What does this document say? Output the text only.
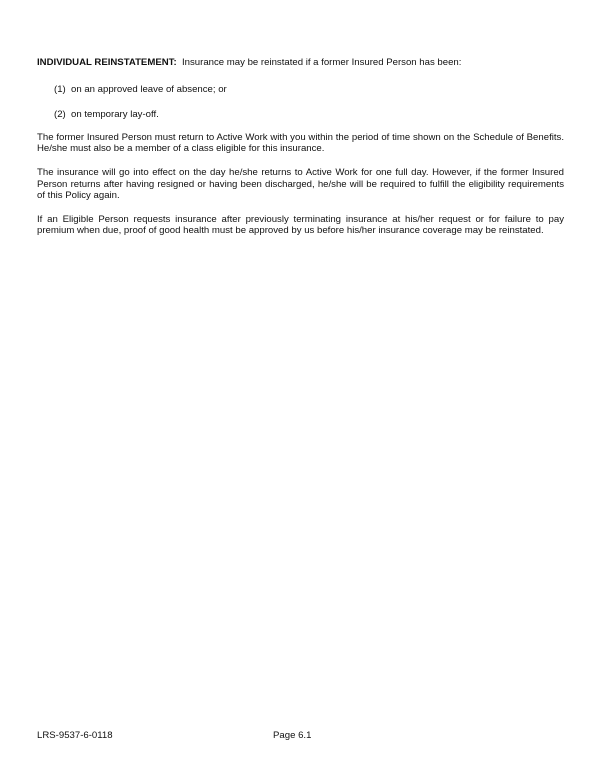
INDIVIDUAL REINSTATEMENT: Insurance may be reinstated if a former Insured Person has been:

(1) on an approved leave of absence; or

(2) on temporary lay-off.

The former Insured Person must return to Active Work with you within the period of time shown on the Schedule of Benefits. He/she must also be a member of a class eligible for this insurance.

The insurance will go into effect on the day he/she returns to Active Work for one full day. However, if the former Insured Person returns after having resigned or having been discharged, he/she will be required to fulfill the eligibility requirements of this Policy again.

If an Eligible Person requests insurance after previously terminating insurance at his/her request or for failure to pay premium when due, proof of good health must be approved by us before his/her insurance coverage may be reinstated.

LRS-9537-6-0118	Page 6.1
